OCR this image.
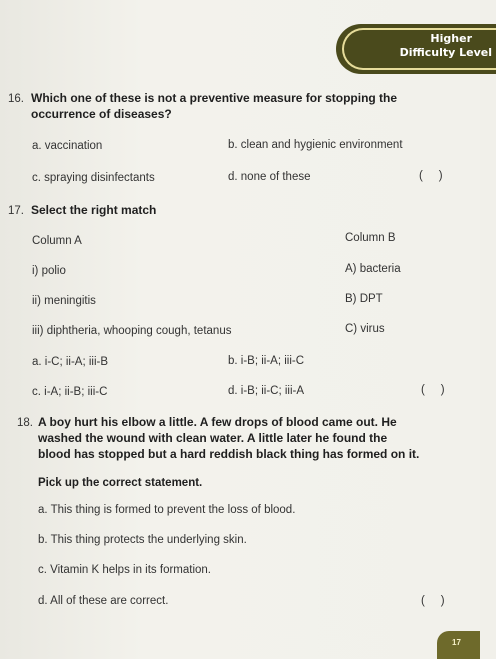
Higher
Difficulty Level
16. Which one of these is not a preventive measure for stopping the occurrence of diseases?
a. vaccination	b. clean and hygienic environment
c. spraying disinfectants	d. none of these	(     )
17. Select the right match
Column A	Column B
i) polio	A) bacteria
ii) meningitis	B) DPT
iii) diphtheria, whooping cough, tetanus	C) virus
a. i-C; ii-A; iii-B	b. i-B; ii-A; iii-C
c. i-A; ii-B; iii-C	d. i-B; ii-C; iii-A	(     )
18. A boy hurt his elbow a little. A few drops of blood came out. He
washed the wound with clean water. A little later he found the
blood has stopped but a hard reddish black thing has formed on it.
Pick up the correct statement.
a. This thing is formed to prevent the loss of blood.
b. This thing protects the underlying skin.
c. Vitamin K helps in its formation.
d. All of these are correct.	(     )
17
